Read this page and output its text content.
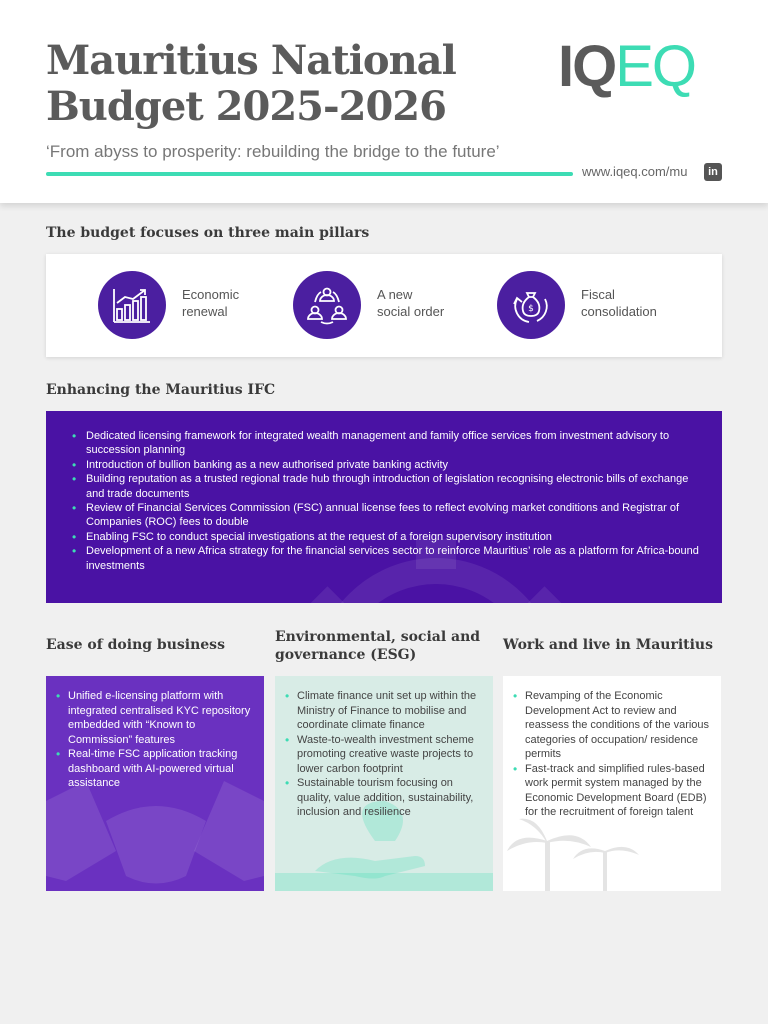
Mauritius National
Budget 2025-2026
‘From abyss to prosperity: rebuilding the bridge to the future’
IQEQ
www.iqeq.com/mu	in
The budget focuses on three main pillars
Economic
renewal
A new
social order	$
Fiscal
consolidation
Enhancing the Mauritius IFC
• Dedicated licensing framework for integrated wealth management and family office services from investment advisory to succession planning
• Introduction of bullion banking as a new authorised private banking activity
• Building reputation as a trusted regional trade hub through introduction of legislation recognising electronic bills of exchange and trade documents
• Review of Financial Services Commission (FSC) annual license fees to reflect evolving market conditions and Registrar of Companies (ROC) fees to double
• Enabling FSC to conduct special investigations at the request of a foreign supervisory institution
• Development of a new Africa strategy for the financial services sector to reinforce Mauritius’ role as a platform for Africa-bound investments
Ease of doing business	Environmental, social and
governance (ESG)
Work and live in Mauritius
• Unified e-licensing platform with integrated centralised KYC repository embedded with “Known to Commission” features
• Real-time FSC application tracking dashboard with AI-powered virtual assistance
• Climate finance unit set up within the Ministry of Finance to mobilise and coordinate climate finance
• Waste-to-wealth investment scheme promoting creative waste projects to lower carbon footprint
• Sustainable tourism focusing on quality, value addition, sustainability, inclusion and resilience
• Revamping of the Economic Development Act to review and reassess the conditions of the various categories of occupation/ residence permits
• Fast-track and simplified rules-based work permit system managed by the Economic Development Board (EDB) for the recruitment of foreign talent
